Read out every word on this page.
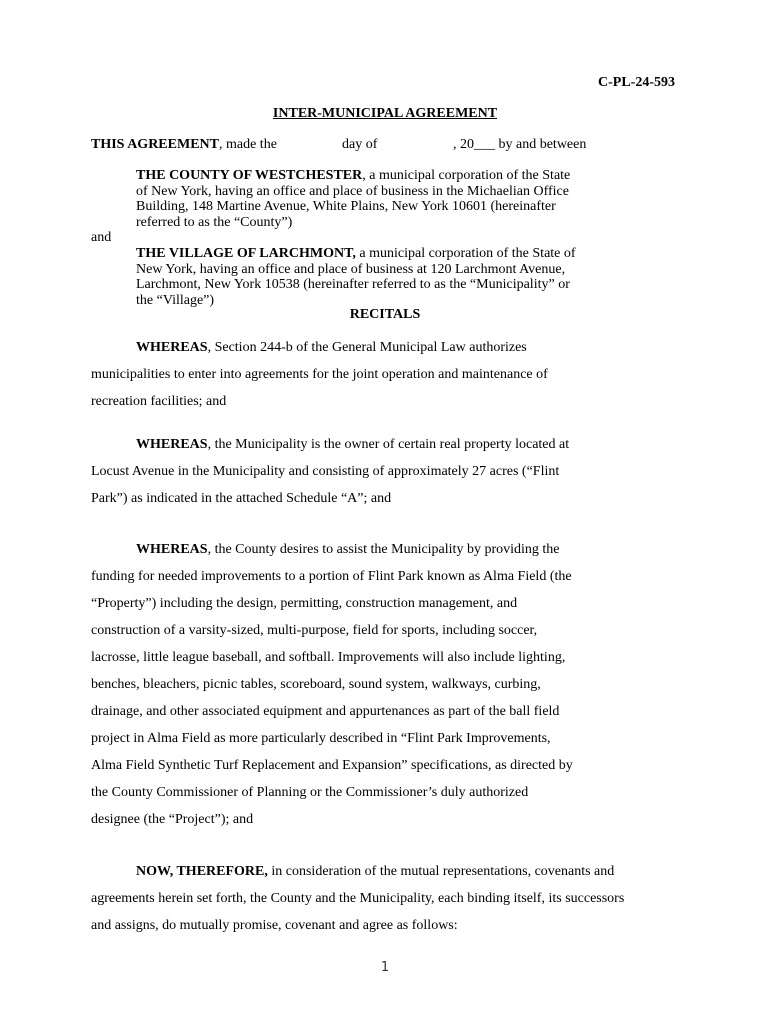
C-PL-24-593
INTER-MUNICIPAL AGREEMENT
THIS AGREEMENT, made the	day of	, 20___ by and between
THE COUNTY OF WESTCHESTER, a municipal corporation of the State
of New York, having an office and place of business in the Michaelian Office
Building, 148 Martine Avenue, White Plains, New York 10601 (hereinafter
referred to as the “County”)
and
THE VILLAGE OF LARCHMONT, a municipal corporation of the State of
New York, having an office and place of business at 120 Larchmont Avenue,
Larchmont, New York 10538 (hereinafter referred to as the “Municipality” or
the “Village”)
RECITALS
WHEREAS, Section 244-b of the General Municipal Law authorizes
municipalities to enter into agreements for the joint operation and maintenance of
recreation facilities; and
WHEREAS, the Municipality is the owner of certain real property located at
Locust Avenue in the Municipality and consisting of approximately 27 acres (“Flint
Park”) as indicated in the attached Schedule “A”; and
WHEREAS, the County desires to assist the Municipality by providing the
funding for needed improvements to a portion of Flint Park known as Alma Field (the
“Property”) including the design, permitting, construction management, and
construction of a varsity-sized, multi-purpose, field for sports, including soccer,
lacrosse, little league baseball, and softball. Improvements will also include lighting,
benches, bleachers, picnic tables, scoreboard, sound system, walkways, curbing,
drainage, and other associated equipment and appurtenances as part of the ball field
project in Alma Field as more particularly described in “Flint Park Improvements,
Alma Field Synthetic Turf Replacement and Expansion” specifications, as directed by
the County Commissioner of Planning or the Commissioner’s duly authorized
designee (the “Project”); and
NOW, THEREFORE, in consideration of the mutual representations, covenants and
agreements herein set forth, the County and the Municipality, each binding itself, its successors
and assigns, do mutually promise, covenant and agree as follows:
1
